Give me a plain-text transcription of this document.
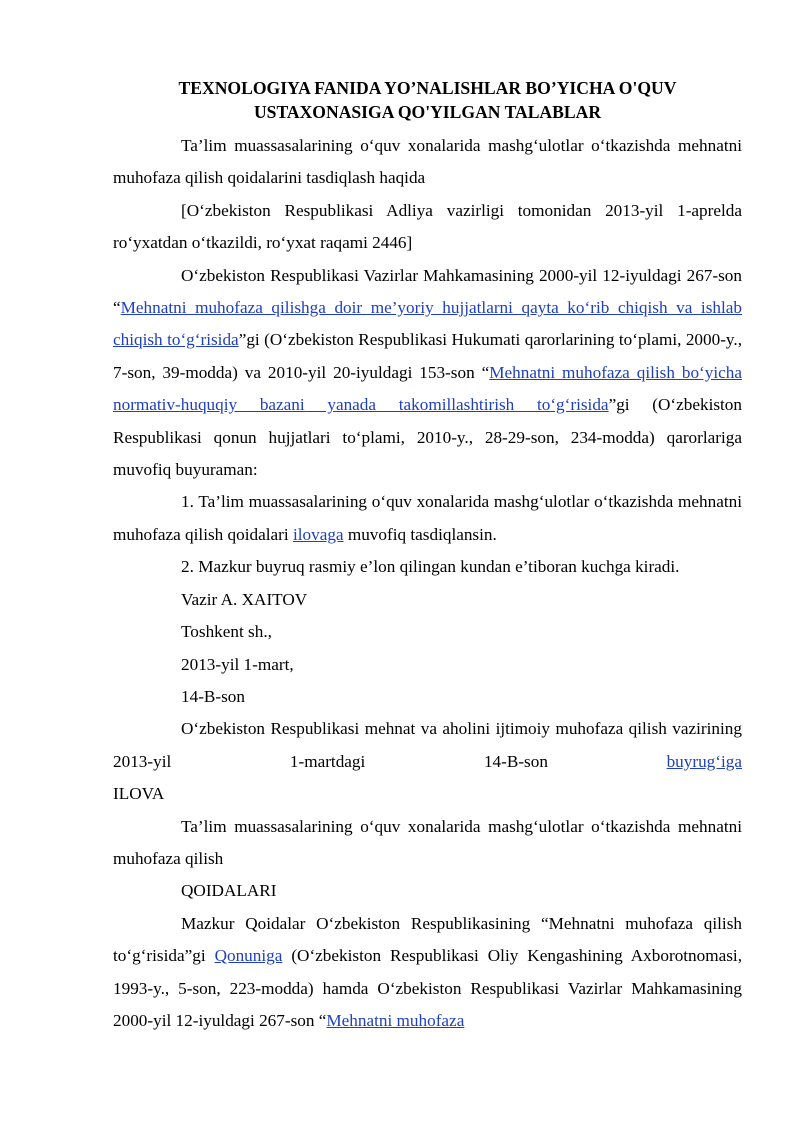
TEXNOLOGIYA FANIDA YO’NALISHLAR BO’YICHA O'QUV
USTAXONASIGA QO'YILGAN TALABLAR

Ta’lim muassasalarining o‘quv xonalarida mashg‘ulotlar o‘tkazishda mehnatni muhofaza qilish qoidalarini tasdiqlash haqida

[O‘zbekiston Respublikasi Adliya vazirligi tomonidan 2013-yil 1-aprelda ro‘yxatdan o‘tkazildi, ro‘yxat raqami 2446]

O‘zbekiston Respublikasi Vazirlar Mahkamasining 2000-yil 12-iyuldagi 267-son “Mehnatni muhofaza qilishga doir me’yoriy hujjatlarni qayta ko‘rib chiqish va ishlab chiqish to‘g‘risida”gi (O‘zbekiston Respublikasi Hukumati qarorlarining to‘plami, 2000-y., 7-son, 39-modda) va 2010-yil 20-iyuldagi 153-son “Mehnatni muhofaza qilish bo‘yicha normativ-huquqiy bazani yanada takomillashtirish to‘g‘risida”gi (O‘zbekiston Respublikasi qonun hujjatlari to‘plami, 2010-y., 28-29-son, 234-modda) qarorlariga muvofiq buyuraman:

1. Ta’lim muassasalarining o‘quv xonalarida mashg‘ulotlar o‘tkazishda mehnatni muhofaza qilish qoidalari ilovaga muvofiq tasdiqlansin.

2. Mazkur buyruq rasmiy e’lon qilingan kundan e’tiboran kuchga kiradi.

Vazir A. XAITOV

Toshkent sh.,

2013-yil 1-mart,

14-B-son

O‘zbekiston Respublikasi mehnat va aholini ijtimoiy muhofaza qilish vazirining 2013-yil 1-martdagi 14-B-son buyrug‘iga

ILOVA

Ta’lim muassasalarining o‘quv xonalarida mashg‘ulotlar o‘tkazishda mehnatni muhofaza qilish

QOIDALARI

Mazkur Qoidalar O‘zbekiston Respublikasining “Mehnatni muhofaza qilish to‘g‘risida”gi Qonuniga (O‘zbekiston Respublikasi Oliy Kengashining Axborotnomasi, 1993-y., 5-son, 223-modda) hamda O‘zbekiston Respublikasi Vazirlar Mahkamasining 2000-yil 12-iyuldagi 267-son “Mehnatni muhofaza
